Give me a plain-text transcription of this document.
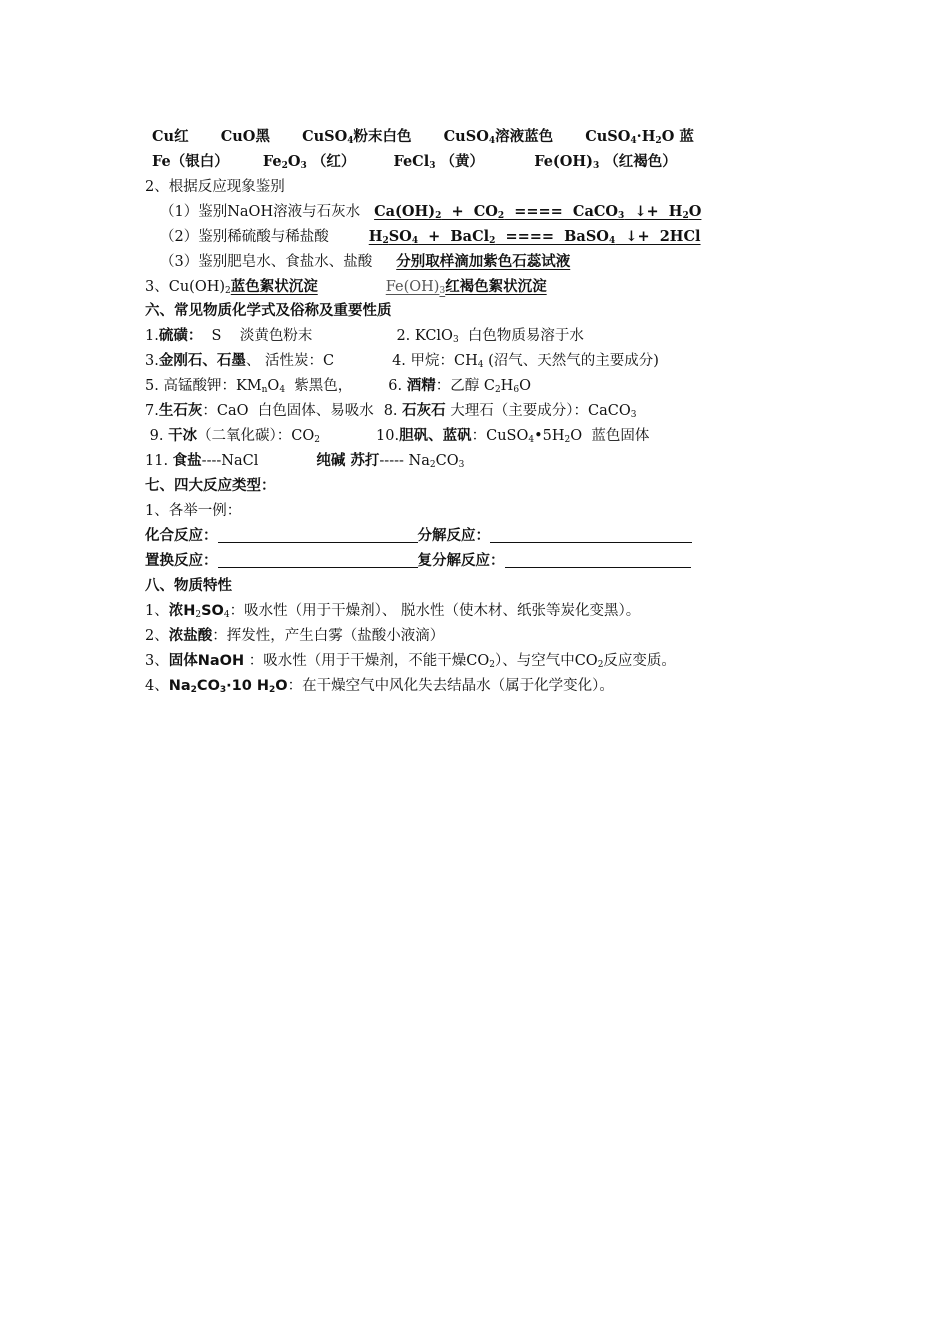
Cu红 CuO黑 CuSO$_4$粉末白色 CuSO$_4$溶液蓝色 $CuSO_4\cdot H_2O$ 蓝
Fe（银白） $Fe_2O_3$ （红）	FeCl$_3$ （黄）	$Fe(OH)_3$ （红褐色）
2、根据反应现象鉴别
（1）鉴别NaOH溶液与石灰水 $Ca(OH)_2 + CO_2$  ====  CaCO$_3$  ↓+  $H_2O$
（2）鉴别稀硫酸与稀盐酸	$H_2SO_4$  +  BaCl$_2$  ====  BaSO$_4$  ↓+  2HCl
（3）鉴别肥皂水、食盐水、盐酸 分别取样滴加紫色石蕊试液
3、$Cu(OH)_2$蓝色絮状沉淀	$Fe(OH)_3$红褐色絮状沉淀
六、常见物质化学式及俗称及重要性质
1.硫磺：  S    淡黄色粉末	2. KClO$_3$  白色物质易溶于水
3.金刚石、石墨、 活性炭：C	4. 甲烷：$CH_4$ (沼气、天然气的主要成分)
5. 高锰酸钾：$KM_nO_4$  紫黑色， 6. 酒精：乙醇 $C_2H_6O$
7.生石灰：CaO  白色固体、易吸水 8. 石灰石 大理石（主要成分）：CaCO$_3$
9. 干冰（二氧化碳）：$CO_2$	10.胆矾、蓝矾：$CuSO_4•5H_2O$  蓝色固体
11. 食盐----NaCl	纯碱 苏打----- $Na_2CO_3$
七、四大反应类型：
1、各举一例：
化合反应：	分解反应：
置换反应：	复分解反应：
八、物质特性
1、浓$H_2SO_4$：吸水性（用于干燥剂）、 脱水性（使木材、纸张等炭化变黑）。
2、浓盐酸：挥发性，产生白雾（盐酸小液滴）
3、固体NaOH ：吸水性（用于干燥剂，不能干燥$CO_2$）、与空气中$CO_2$反应变质。
4、$Na_2CO_3\cdot 10$ $H_2O$：在干燥空气中风化失去结晶水（属于化学变化）。
